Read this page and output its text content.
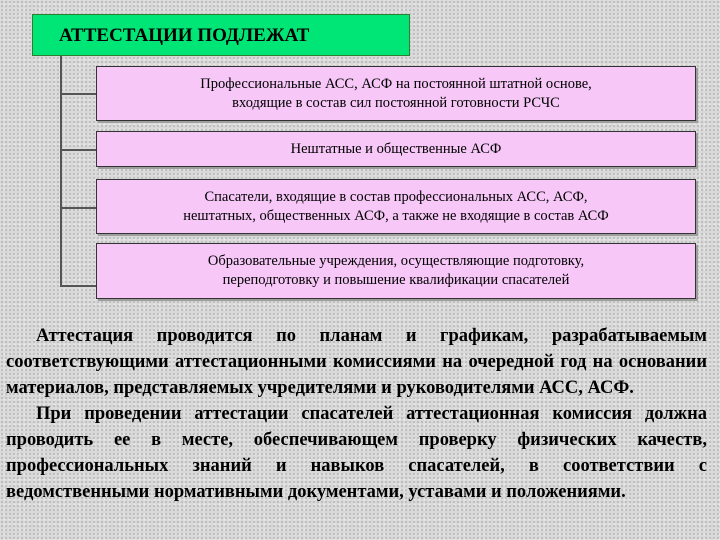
АТТЕСТАЦИИ ПОДЛЕЖАТ
Профессиональные АСС, АСФ на постоянной штатной основе,
входящие в состав сил постоянной готовности РСЧС
Нештатные и общественные АСФ
Спасатели, входящие в состав профессиональных АСС, АСФ,
нештатных, общественных АСФ, а также не входящие в состав АСФ
Образовательные учреждения, осуществляющие подготовку,
переподготовку и повышение квалификации спасателей
Аттестация проводится по планам и графикам, разрабатываемым соответствующими аттестационными комиссиями на очередной год на основании материалов, представляемых учредителями и руководителями АСС, АСФ.
При проведении аттестации спасателей аттестационная комиссия должна проводить ее в месте, обеспечивающем проверку физических качеств, профессиональных знаний и навыков спасателей, в соответствии с ведомственными нормативными документами, уставами и положениями.
